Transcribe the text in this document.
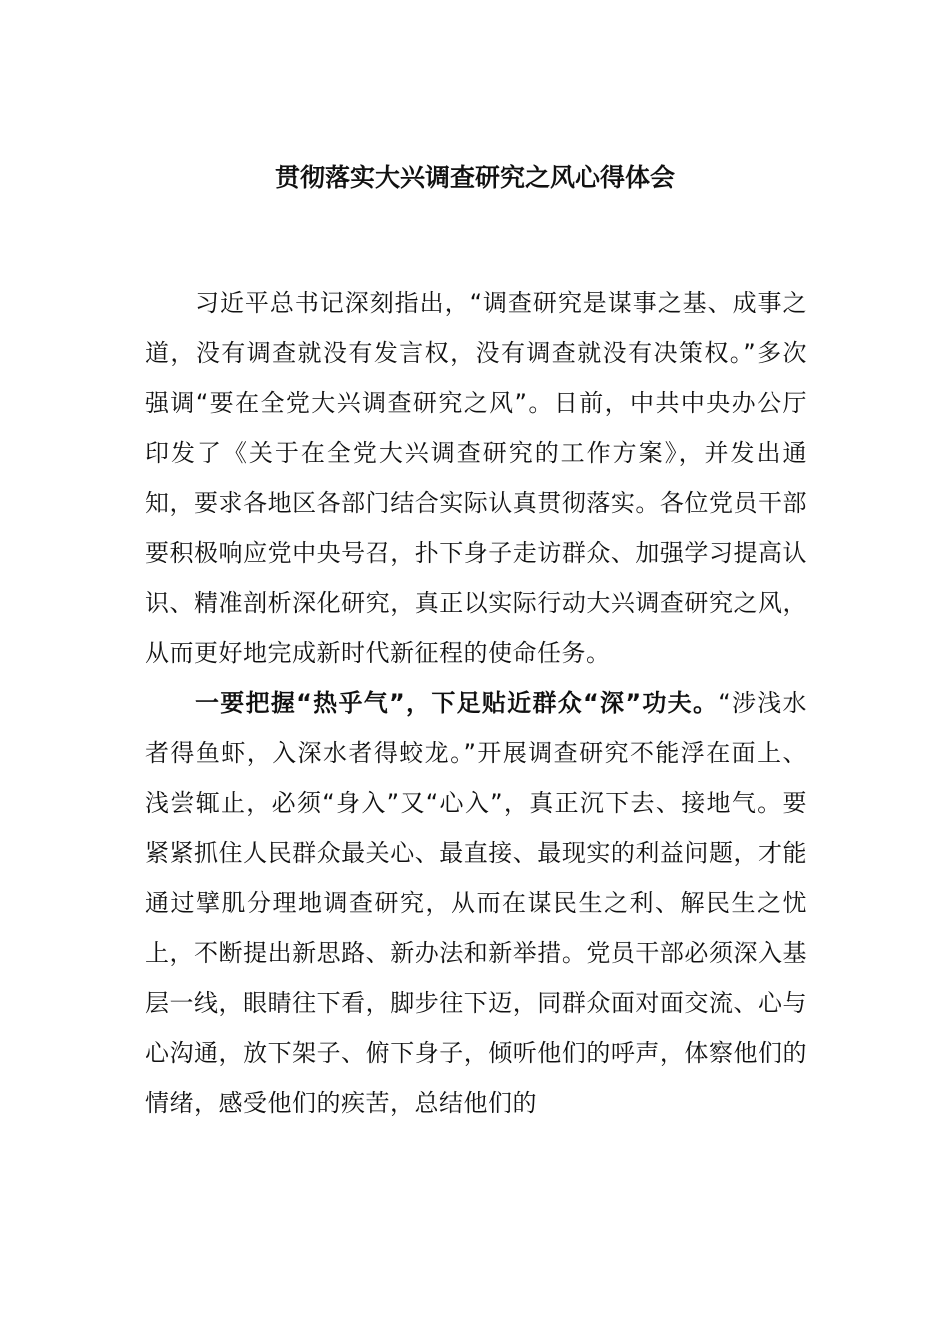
贯彻落实大兴调查研究之风心得体会

习近平总书记深刻指出，“调查研究是谋事之基、成事之道，没有调查就没有发言权，没有调查就没有决策权。”多次强调“要在全党大兴调查研究之风”。日前，中共中央办公厅印发了《关于在全党大兴调查研究的工作方案》，并发出通知，要求各地区各部门结合实际认真贯彻落实。各位党员干部要积极响应党中央号召，扑下身子走访群众、加强学习提高认识、精准剖析深化研究，真正以实际行动大兴调查研究之风，从而更好地完成新时代新征程的使命任务。

一要把握“热乎气”，下足贴近群众“深”功夫。“涉浅水者得鱼虾，入深水者得蛟龙。”开展调查研究不能浮在面上、浅尝辄止，必须“身入”又“心入”，真正沉下去、接地气。要紧紧抓住人民群众最关心、最直接、最现实的利益问题，才能通过擘肌分理地调查研究，从而在谋民生之利、解民生之忧上，不断提出新思路、新办法和新举措。党员干部必须深入基层一线，眼睛往下看，脚步往下迈，同群众面对面交流、心与心沟通，放下架子、俯下身子，倾听他们的呼声，体察他们的情绪，感受他们的疾苦，总结他们的
